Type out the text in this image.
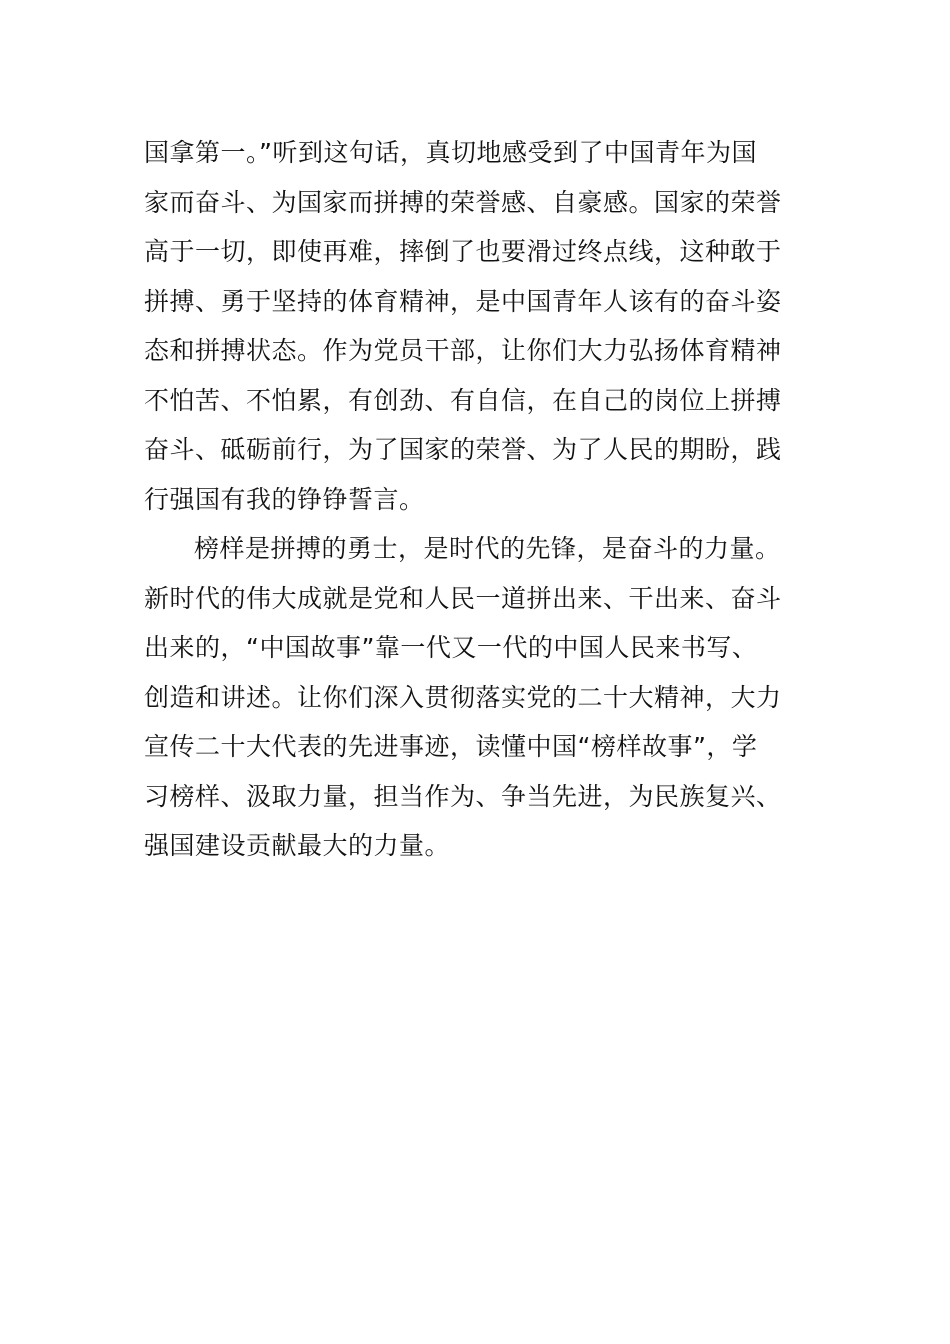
国拿第一。”听到这句话，真切地感受到了中国青年为国
家而奋斗、为国家而拼搏的荣誉感、自豪感。国家的荣誉
高于一切，即使再难，摔倒了也要滑过终点线，这种敢于
拼搏、勇于坚持的体育精神，是中国青年人该有的奋斗姿
态和拼搏状态。作为党员干部，让你们大力弘扬体育精神
不怕苦、不怕累，有创劲、有自信，在自己的岗位上拼搏
奋斗、砥砺前行，为了国家的荣誉、为了人民的期盼，践
行强国有我的铮铮誓言。
榜样是拼搏的勇士，是时代的先锋，是奋斗的力量。
新时代的伟大成就是党和人民一道拼出来、干出来、奋斗
出来的，“中国故事”靠一代又一代的中国人民来书写、
创造和讲述。让你们深入贯彻落实党的二十大精神，大力
宣传二十大代表的先进事迹，读懂中国“榜样故事”，学
习榜样、汲取力量，担当作为、争当先进，为民族复兴、
强国建设贡献最大的力量。
